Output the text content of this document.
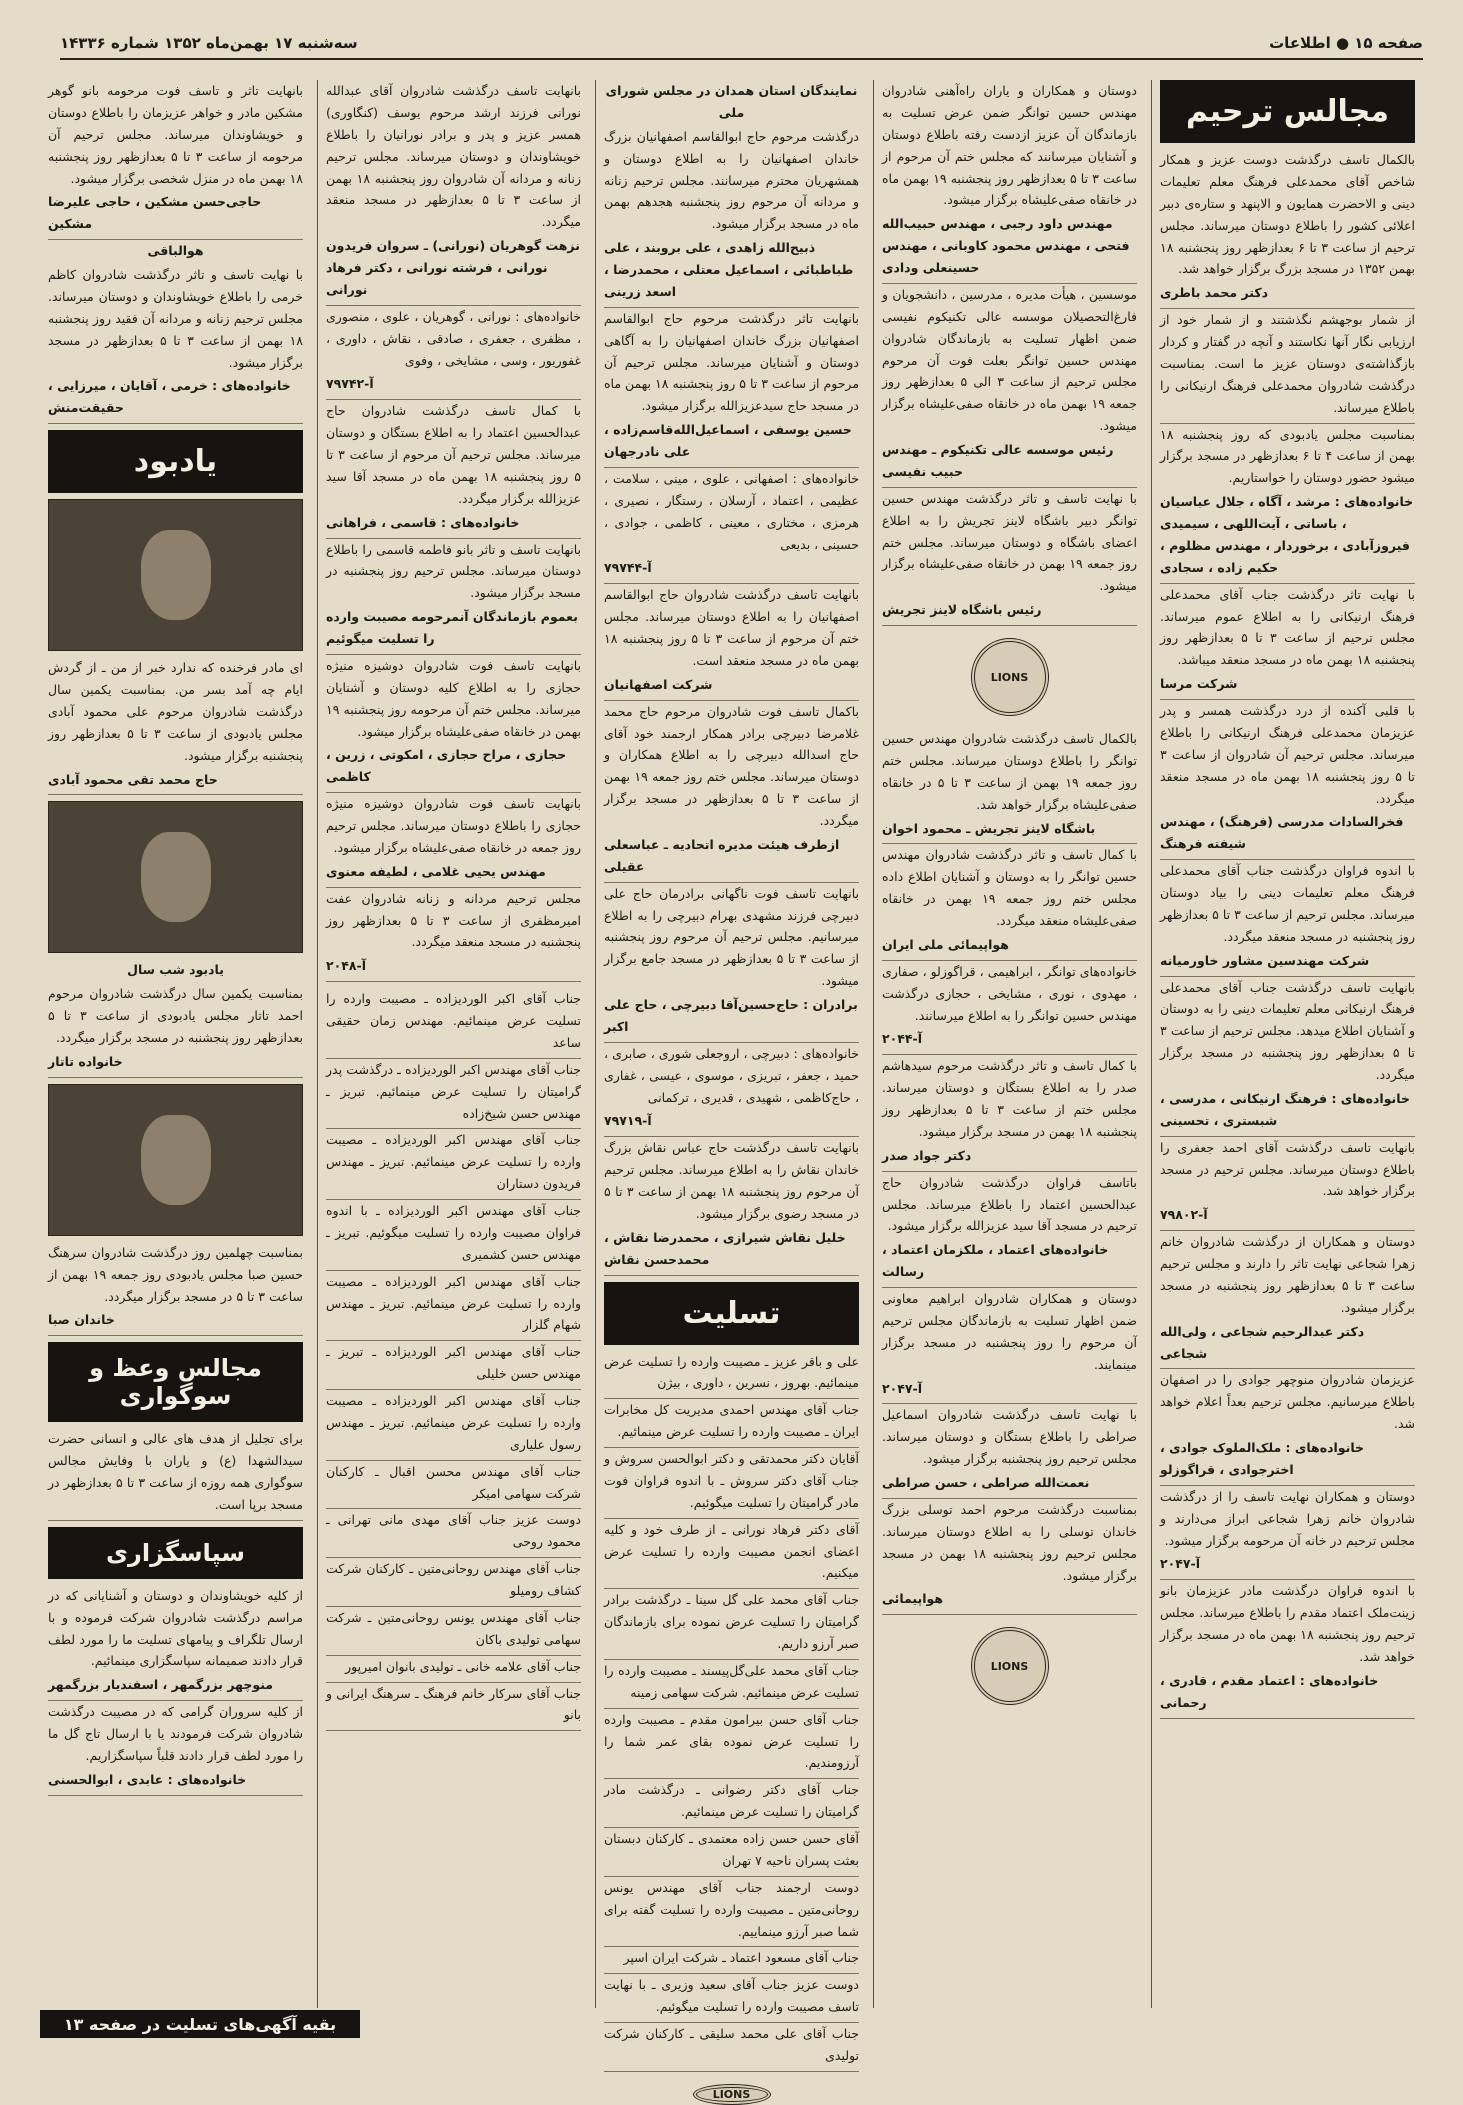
صفحه ۱۵ ● اطلاعات
سه‌شنبه ۱۷ بهمن‌ماه ۱۳۵۲ شماره ۱۴۳۳۶
مجالس ترحیم
بالکمال تاسف درگذشت دوست عزیز و همکار شاخص آقای محمدعلی فرهنگ معلم تعلیمات دینی و الاحضرت همایون و الاپنهد و ستاره‌ی دبیر اعلائی کشور را باطلاع دوستان میرساند. مجلس ترحیم از ساعت ۳ تا ۶ بعدازظهر روز پنجشنبه ۱۸ بهمن ۱۳۵۲ در مسجد بزرگ برگزار خواهد شد.
دکتر محمد باطری
از شمار بوجهشم نگذشتند و از شمار خود از ارزیابی نگار آنها نکاستند و آنچه در گفتار و کردار بازگذاشته‌ی دوستان عزیز ما است. بمناسبت درگذشت شادروان محمدعلی فرهنگ ارنیکانی را باطلاع میرساند.
بمناسبت مجلس یادبودی که روز پنجشنبه ۱۸ بهمن از ساعت ۴ تا ۶ بعدازظهر در مسجد برگزار میشود حضور دوستان را خواستاریم.
خانواده‌های : مرشد ، آگاه ، جلال عباسیان ، باساتی ، آیت‌اللهی ، سیمیدی فیروزآبادی ، برخوردار ، مهندس مظلوم ، حکیم زاده ، سجادی
با نهایت تاثر درگذشت جناب آقای محمدعلی فرهنگ ارنیکانی را به اطلاع عموم میرساند. مجلس ترحیم از ساعت ۳ تا ۵ بعدازظهر روز پنجشنبه ۱۸ بهمن ماه در مسجد منعقد میباشد.
شرکت مرسا
با قلبی آکنده از درد درگذشت همسر و پدر عزیزمان محمدعلی فرهنگ ارنیکانی را باطلاع میرساند. مجلس ترحیم آن شادروان از ساعت ۳ تا ۵ روز پنجشنبه ۱۸ بهمن ماه در مسجد منعقد میگردد.
فخرالسادات مدرسی (فرهنگ) ، مهندس شیفته فرهنگ
با اندوه فراوان درگذشت جناب آقای محمدعلی فرهنگ معلم تعلیمات دینی را بیاد دوستان میرساند. مجلس ترحیم از ساعت ۳ تا ۵ بعدازظهر روز پنجشنبه در مسجد منعقد میگردد.
شرکت مهندسین مشاور خاورمیانه
بانهایت تاسف درگذشت جناب آقای محمدعلی فرهنگ ارنیکانی معلم تعلیمات دینی را به دوستان و آشنایان اطلاع میدهد. مجلس ترحیم از ساعت ۳ تا ۵ بعدازظهر روز پنجشنبه در مسجد برگزار میگردد.
خانواده‌های : فرهنگ ارنیکانی ، مدرسی ، شبستری ، تحسینی
بانهایت تاسف درگذشت آقای احمد جعفری را باطلاع دوستان میرساند. مجلس ترحیم در مسجد برگزار خواهد شد.
آ-۷۹۸۰۲
دوستان و همکاران از درگذشت شادروان خانم زهرا شجاعی نهایت تاثر را دارند و مجلس ترحیم ساعت ۳ تا ۵ بعدازظهر روز پنجشنبه در مسجد برگزار میشود.
دکتر عبدالرحیم شجاعی ، ولی‌الله شجاعی
عزیزمان شادروان منوچهر جوادی را در اصفهان باطلاع میرسانیم. مجلس ترحیم بعداً اعلام خواهد شد.
خانواده‌های : ملک‌الملوک جوادی ، اخترجوادی ، قراگوزلو
دوستان و همکاران نهایت تاسف را از درگذشت شادروان خانم زهرا شجاعی ابراز می‌دارند و مجلس ترحیم در خانه آن مرحومه برگزار میشود.
آ-۲۰۴۷
با اندوه فراوان درگذشت مادر عزیزمان بانو زینت‌ملک اعتماد مقدم را باطلاع میرساند. مجلس ترحیم روز پنجشنبه ۱۸ بهمن ماه در مسجد برگزار خواهد شد.
خانواده‌های : اعتماد مقدم ، قادری ، رحمانی
دوستان و همکاران و یاران راه‌آهنی شادروان مهندس حسین توانگر ضمن عرض تسلیت به بازماندگان آن عزیز ازدست رفته باطلاع دوستان و آشنایان میرسانند که مجلس ختم آن مرحوم از ساعت ۳ تا ۵ بعدازظهر روز پنجشنبه ۱۹ بهمن ماه در خانقاه صفی‌علیشاه برگزار میشود.
مهندس داود رجبی ، مهندس حبیب‌الله فتحی ، مهندس محمود کاوبانی ، مهندس حسینعلی ودادی
موسسین ، هیأت مدیره ، مدرسین ، دانشجویان و فارغ‌التحصیلان موسسه عالی تکنیکوم نفیسی ضمن اظهار تسلیت به بازماندگان شادروان مهندس حسین توانگر بعلت فوت آن مرحوم مجلس ترحیم از ساعت ۳ الی ۵ بعدازظهر روز جمعه ۱۹ بهمن ماه در خانقاه صفی‌علیشاه برگزار میشود.
رئیس موسسه عالی تکنیکوم ـ مهندس حبیب نفیسی
با نهایت تاسف و تاثر درگذشت مهندس حسین توانگر دبیر باشگاه لاینز تجریش را به اطلاع اعضای باشگاه و دوستان میرساند. مجلس ختم روز جمعه ۱۹ بهمن در خانقاه صفی‌علیشاه برگزار میشود.
رئیس باشگاه لاینز تجریش
LIONS
بالکمال تاسف درگذشت شادروان مهندس حسین توانگر را باطلاع دوستان میرساند. مجلس ختم روز جمعه ۱۹ بهمن از ساعت ۳ تا ۵ در خانقاه صفی‌علیشاه برگزار خواهد شد.
باشگاه لاینز تجریش ـ محمود اخوان
با کمال تاسف و تاثر درگذشت شادروان مهندس حسین توانگر را به دوستان و آشنایان اطلاع داده مجلس ختم روز جمعه ۱۹ بهمن در خانقاه صفی‌علیشاه منعقد میگردد.
هواپیمائی ملی ایران
خانواده‌های توانگر ، ابراهیمی ، قراگوزلو ، صفاری ، مهدوی ، نوری ، مشایخی ، حجازی درگذشت مهندس حسین توانگر را به اطلاع میرسانند.
آ-۲۰۴۴
با کمال تاسف و تاثر درگذشت مرحوم سیدهاشم صدر را به اطلاع بستگان و دوستان میرساند. مجلس ختم از ساعت ۳ تا ۵ بعدازظهر روز پنجشنبه ۱۸ بهمن در مسجد برگزار میشود.
دکتر جواد صدر
باتاسف فراوان درگذشت شادروان حاج عبدالحسین اعتماد را باطلاع میرساند. مجلس ترحیم در مسجد آقا سید عزیزالله برگزار میشود.
خانواده‌های اعتماد ، ملکزمان اعتماد ، رسالت
دوستان و همکاران شادروان ابراهیم معاونی ضمن اظهار تسلیت به بازماندگان مجلس ترحیم آن مرحوم را روز پنجشنبه در مسجد برگزار مینمایند.
آ-۲۰۴۷
با نهایت تاسف درگذشت شادروان اسماعیل صراطی را باطلاع بستگان و دوستان میرساند. مجلس ترحیم روز پنجشنبه برگزار میشود.
نعمت‌الله صراطی ، حسن صراطی
بمناسبت درگذشت مرحوم احمد توسلی بزرگ خاندان توسلی را به اطلاع دوستان میرساند. مجلس ترحیم روز پنجشنبه ۱۸ بهمن در مسجد برگزار میشود.
هواپیمائی
LIONS
نمایندگان استان همدان در مجلس شورای ملی
درگذشت مرحوم حاج ابوالقاسم اصفهانیان بزرگ خاندان اصفهانیان را به اطلاع دوستان و همشهریان محترم میرسانند. مجلس ترحیم زنانه و مردانه آن مرحوم روز پنجشنبه هجدهم بهمن ماه در مسجد برگزار میشود.
ذبیح‌الله زاهدی ، علی بروبند ، علی طباطبائی ، اسماعیل معتلی ، محمدرضا ، اسعد زرینی
بانهایت تاثر درگذشت مرحوم حاج ابوالقاسم اصفهانیان بزرگ خاندان اصفهانیان را به آگاهی دوستان و آشنایان میرساند. مجلس ترحیم آن مرحوم از ساعت ۳ تا ۵ روز پنجشنبه ۱۸ بهمن ماه در مسجد حاج سیدعزیزالله برگزار میشود.
حسین یوسفی ، اسماعیل‌الله‌قاسم‌زاده ، علی نادرجهان
خانواده‌های : اصفهانی ، علوی ، مینی ، سلامت ، عظیمی ، اعتماد ، آرسلان ، رستگار ، نصیری ، هرمزی ، مختاری ، معینی ، کاظمی ، جوادی ، حسینی ، بدیعی
آ-۷۹۷۴۴
بانهایت تاسف درگذشت شادروان حاج ابوالقاسم اصفهانیان را به اطلاع دوستان میرساند. مجلس ختم آن مرحوم از ساعت ۳ تا ۵ روز پنجشنبه ۱۸ بهمن ماه در مسجد منعقد است.
شرکت اصفهانیان
باکمال تاسف فوت شادروان مرحوم حاج محمد غلامرضا دبیرچی برادر همکار ارجمند خود آقای حاج اسدالله دبیرچی را به اطلاع همکاران و دوستان میرساند. مجلس ختم روز جمعه ۱۹ بهمن از ساعت ۳ تا ۵ بعدازظهر در مسجد برگزار میگردد.
ازطرف هیئت مدیره اتحادیه ـ عباسعلی عقیلی
بانهایت تاسف فوت ناگهانی برادرمان حاج علی دبیرچی فرزند مشهدی بهرام دبیرچی را به اطلاع میرسانیم. مجلس ترحیم آن مرحوم روز پنجشنبه از ساعت ۳ تا ۵ بعدازظهر در مسجد جامع برگزار میشود.
برادران : حاج‌حسین‌آقا دبیرچی ، حاج علی اکبر
خانواده‌های : دبیرچی ، اروجعلی شوری ، صابری ، حمید ، جعفر ، تبریزی ، موسوی ، عیسی ، غفاری ، حاج‌کاظمی ، شهیدی ، قدیری ، ترکمانی
آ-۷۹۷۱۹
بانهایت تاسف درگذشت حاج عباس نقاش بزرگ خاندان نقاش را به اطلاع میرساند. مجلس ترحیم آن مرحوم روز پنجشنبه ۱۸ بهمن از ساعت ۳ تا ۵ در مسجد رضوی برگزار میشود.
خلیل نقاش شیرازی ، محمدرضا نقاش ، محمدحسن نقاش
تسلیت
علی و باقر عزیز ـ مصیبت وارده را تسلیت عرض مینمائیم. بهروز ، نسرین ، داوری ، بیژن
جناب آقای مهندس احمدی مدیریت کل مخابرات ایران ـ مصیبت وارده را تسلیت عرض مینمائیم.
آقایان دکتر محمدتقی و دکتر ابوالحسن سروش و جناب آقای دکتر سروش ـ با اندوه فراوان فوت مادر گرامیتان را تسلیت میگوئیم.
آقای دکتر فرهاد نورانی ـ از طرف خود و کلیه اعضای انجمن مصیبت وارده را تسلیت عرض میکنیم.
جناب آقای محمد علی گل سینا ـ درگذشت برادر گرامیتان را تسلیت عرض نموده برای بازماندگان صبر آرزو داریم.
جناب آقای محمد علی‌گل‌پیسند ـ مصیبت وارده را تسلیت عرض مینمائیم. شرکت سهامی زمینه
جناب آقای حسن بیرامون مقدم ـ مصیبت وارده را تسلیت عرض نموده بقای عمر شما را آرزومندیم.
جناب آقای دکتر رضوانی ـ درگذشت مادر گرامیتان را تسلیت عرض مینمائیم.
آقای حسن حسن زاده معتمدی ـ کارکنان دبستان بعثت پسران ناحیه ۷ تهران
دوست ارجمند جناب آقای مهندس یونس روحانی‌متین ـ مصیبت وارده را تسلیت گفته برای شما صبر آرزو مینماییم.
جناب آقای مسعود اعتماد ـ شرکت ایران اسپر
دوست عزیز جناب آقای سعید وزیری ـ با نهایت تاسف مصیبت وارده را تسلیت میگوئیم.
جناب آقای علی محمد سلیقی ـ کارکنان شرکت تولیدی
LIONS
بانهایت تاسف درگذشت شادروان آقای عبدالله نورانی فرزند ارشد مرحوم یوسف (کنگاوری) همسر عزیز و پدر و برادر نورانیان را باطلاع خویشاوندان و دوستان میرساند. مجلس ترحیم زنانه و مردانه آن شادروان روز پنجشنبه ۱۸ بهمن از ساعت ۳ تا ۵ بعدازظهر در مسجد منعقد میگردد.
نزهت گوهریان (نورانی) ـ سروان فریدون نورانی ، فرشته نورانی ، دکتر فرهاد نورانی
خانواده‌های : نورانی ، گوهریان ، علوی ، منصوری ، مظفری ، جعفری ، صادقی ، نقاش ، داوری ، غفوریور ، وسی ، مشایخی ، وفوی
آ-۷۹۷۴۲
با کمال تاسف درگذشت شادروان حاج عبدالحسین اعتماد را به اطلاع بستگان و دوستان میرساند. مجلس ترحیم آن مرحوم از ساعت ۳ تا ۵ روز پنجشنبه ۱۸ بهمن ماه در مسجد آقا سید عزیزالله برگزار میگردد.
خانواده‌های : قاسمی ، فراهانی
بانهایت تاسف و تاثر بانو فاطمه قاسمی را باطلاع دوستان میرساند. مجلس ترحیم روز پنجشنبه در مسجد برگزار میشود.
بعموم بازماندگان آنمرحومه مصیبت وارده را تسلیت میگوئیم
بانهایت تاسف فوت شادروان دوشیزه منیژه حجازی را به اطلاع کلیه دوستان و آشنایان میرساند. مجلس ختم آن مرحومه روز پنجشنبه ۱۹ بهمن در خانقاه صفی‌علیشاه برگزار میشود.
حجازی ، مراح حجازی ، امکوتی ، زرین ، کاظمی
بانهایت تاسف فوت شادروان دوشیزه منیژه حجازی را باطلاع دوستان میرساند. مجلس ترحیم روز جمعه در خانقاه صفی‌علیشاه برگزار میشود.
مهندس یحیی غلامی ، لطیفه معنوی
مجلس ترحیم مردانه و زنانه شادروان عفت امیرمظفری از ساعت ۳ تا ۵ بعدازظهر روز پنجشنبه در مسجد منعقد میگردد.
آ-۲۰۴۸
جناب آقای اکبر الوردیزاده ـ مصیبت وارده را تسلیت عرض مینمائیم. مهندس زمان حقیقی ساعد
جناب آقای مهندس اکبر الوردیزاده ـ درگذشت پدر گرامیتان را تسلیت عرض مینمائیم. تبریز ـ مهندس حسن شیخ‌زاده
جناب آقای مهندس اکبر الوردیزاده ـ مصیبت وارده را تسلیت عرض مینمائیم. تبریز ـ مهندس فریدون دستاران
جناب آقای مهندس اکبر الوردیزاده ـ با اندوه فراوان مصیبت وارده را تسلیت میگوئیم. تبریز ـ مهندس حسن کشمیری
جناب آقای مهندس اکبر الوردیزاده ـ مصیبت وارده را تسلیت عرض مینمائیم. تبریز ـ مهندس شهام گلزار
جناب آقای مهندس اکبر الوردیزاده ـ تبریز ـ مهندس حسن خلیلی
جناب آقای مهندس اکبر الوردیزاده ـ مصیبت وارده را تسلیت عرض مینمائیم. تبریز ـ مهندس رسول علیاری
جناب آقای مهندس محسن اقبال ـ کارکنان شرکت سهامی امیکر
دوست عزیز جناب آقای مهدی مانی تهرانی ـ محمود روحی
جناب آقای مهندس روحانی‌متین ـ کارکنان شرکت کشاف رومیلو
جناب آقای مهندس یونس روحانی‌متین ـ شرکت سهامی تولیدی باکان
جناب آقای علامه خانی ـ تولیدی بانوان امیرپور
جناب آقای سرکار خانم فرهنگ ـ سرهنگ ایرانی و بانو
بانهایت تاثر و تاسف فوت مرحومه بانو گوهر مشکین مادر و خواهر عزیزمان را باطلاع دوستان و خویشاوندان میرساند. مجلس ترحیم آن مرحومه از ساعت ۳ تا ۵ بعدازظهر روز پنجشنبه ۱۸ بهمن ماه در منزل شخصی برگزار میشود.
حاجی‌حسن مشکین ، حاجی علیرضا مشکین
هوالباقی
با نهایت تاسف و تاثر درگذشت شادروان کاظم خرمی را باطلاع خویشاوندان و دوستان میرساند. مجلس ترحیم زنانه و مردانه آن فقید روز پنجشنبه ۱۸ بهمن از ساعت ۳ تا ۵ بعدازظهر در مسجد برگزار میشود.
خانواده‌های : خرمی ، آقایان ، میرزایی ، حقیقت‌منش
یادبود
ای مادر فرخنده که ندارد خبر از من ـ از گردش ایام چه آمد بسر من. بمناسبت یکمین سال درگذشت شادروان مرحوم علی محمود آبادی مجلس یادبودی از ساعت ۳ تا ۵ بعدازظهر روز پنجشنبه برگزار میشود.
حاج محمد تقی محمود آبادی
یادبود شب سال
بمناسبت یکمین سال درگذشت شادروان مرحوم احمد تاتار مجلس یادبودی از ساعت ۳ تا ۵ بعدازظهر روز پنجشنبه در مسجد برگزار میگردد.
خانواده تاتار
بمناسبت چهلمین روز درگذشت شادروان سرهنگ حسین صبا مجلس یادبودی روز جمعه ۱۹ بهمن از ساعت ۳ تا ۵ در مسجد برگزار میگردد.
خاندان صبا
مجالس وعظ و سوگواری
برای تجلیل از هدف های عالی و انسانی حضرت سیدالشهدا (ع) و یاران با وفایش مجالس سوگواری همه روزه از ساعت ۳ تا ۵ بعدازظهر در مسجد برپا است.
سپاسگزاری
از کلیه خویشاوندان و دوستان و آشنایانی که در مراسم درگذشت شادروان شرکت فرموده و با ارسال تلگراف و پیامهای تسلیت ما را مورد لطف قرار دادند صمیمانه سپاسگزاری مینمائیم.
منوچهر بزرگمهر ، اسفندیار بزرگمهر
از کلیه سروران گرامی که در مصیبت درگذشت شادروان شرکت فرمودند یا با ارسال تاج گل ما را مورد لطف قرار دادند قلباً سپاسگزاریم.
خانواده‌های : عابدی ، ابوالحسنی
بقیه آگهی‌های تسلیت در صفحه ۱۳
